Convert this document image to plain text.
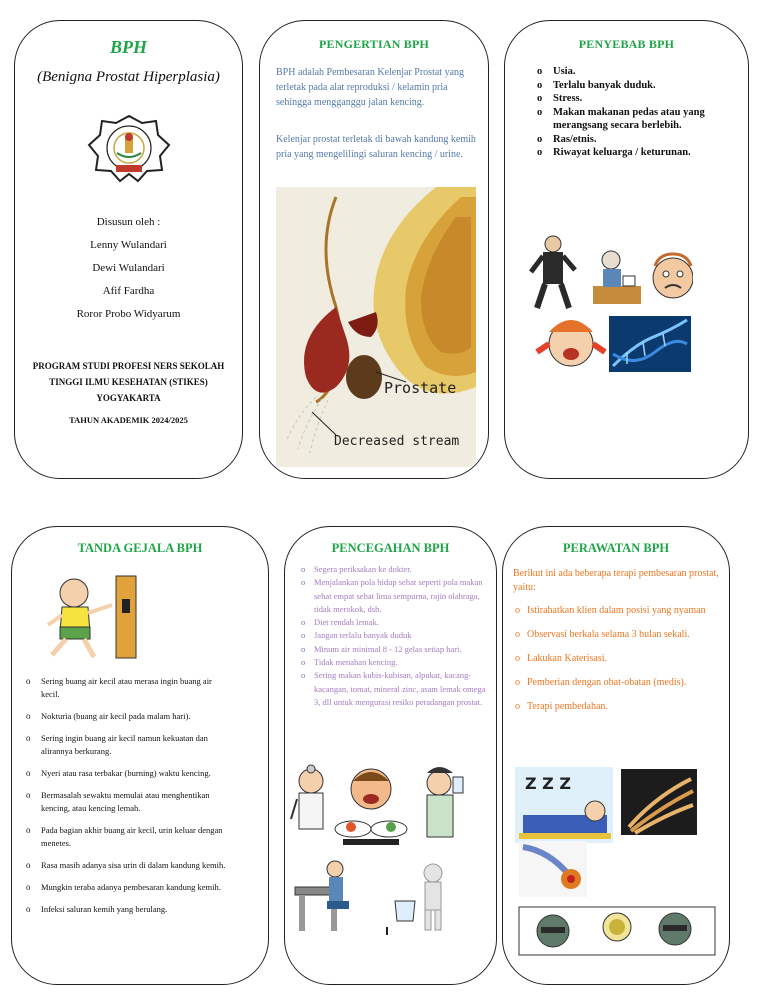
BPH
(Benigna Prostat Hiperplasia)
Disusun oleh :
Lenny Wulandari
Dewi Wulandari
Afif Fardha
Roror Probo Widyarum
PROGRAM STUDI PROFESI NERS SEKOLAH
TINGGI ILMU KESEHATAN (STIKES)
YOGYAKARTA
TAHUN AKADEMIK 2024/2025
PENGERTIAN BPH

BPH adalah Pembesaran Kelenjar Prostat yang terletak pada alat reproduksi / kelamin pria sehingga mengganggu jalan kencing.

Kelenjar prostat terletak di bawah kandung kemih pria yang mengelilingi saluran kencing / urine.

Prostate
Decreased stream
PENYEBAB BPH
o Usia.
o Terlalu banyak duduk.
o Stress.
o Makan makanan pedas atau yang merangsang secara berlebih.
o Ras/etnis.
o Riwayat keluarga / keturunan.
TANDA GEJALA BPH
o Sering buang air kecil atau merasa ingin buang air kecil.
o Nokturia (buang air kecil pada malam hari).
o Sering ingin buang air kecil namun kekuatan dan alirannya berkurang.
o Nyeri atau rasa terbakar (burning) waktu kencing.
o Bermasalah sewaktu memulai atau menghentikan kencing, atau kencing lemah.
o Pada bagian akhir buang air kecil, urin keluar dengan menetes.
o Rasa masih adanya sisa urin di dalam kandung kemih.
o Mungkin teraba adanya pembesaran kandung kemih.
o Infeksi saluran kemih yang berulang.
PENCEGAHAN BPH
o Segera periksakan ke dokter.
o Menjalankan pola hidup sehat seperti pola makan sehat empat sehat lima sempurna, rajin olahraga, tidak merokok, dsb.
o Diet rendah lemak.
o Jangan terlalu banyak duduk
o Minum air minimal 8 - 12 gelas setiap hari.
o Tidak menahan kencing.
o Sering makan kubis-kubisan, alpukat, kacang-kacangan, tomat, mineral zinc, asam lemak omega 3, dll untuk mengurasi resiko peradangan prostat.
PERAWATAN BPH

Berikut ini ada beberapa terapi pembesaran prostat, yaitu:

o Istirahatkan klien dalam posisi yang nyaman
o Observasi berkala selama 3 bulan sekali.
o Lakukan Katerisasi.
o Pemberian dengan obat-obatan (medis).
o Terapi pembedahan.
Z Z Z
